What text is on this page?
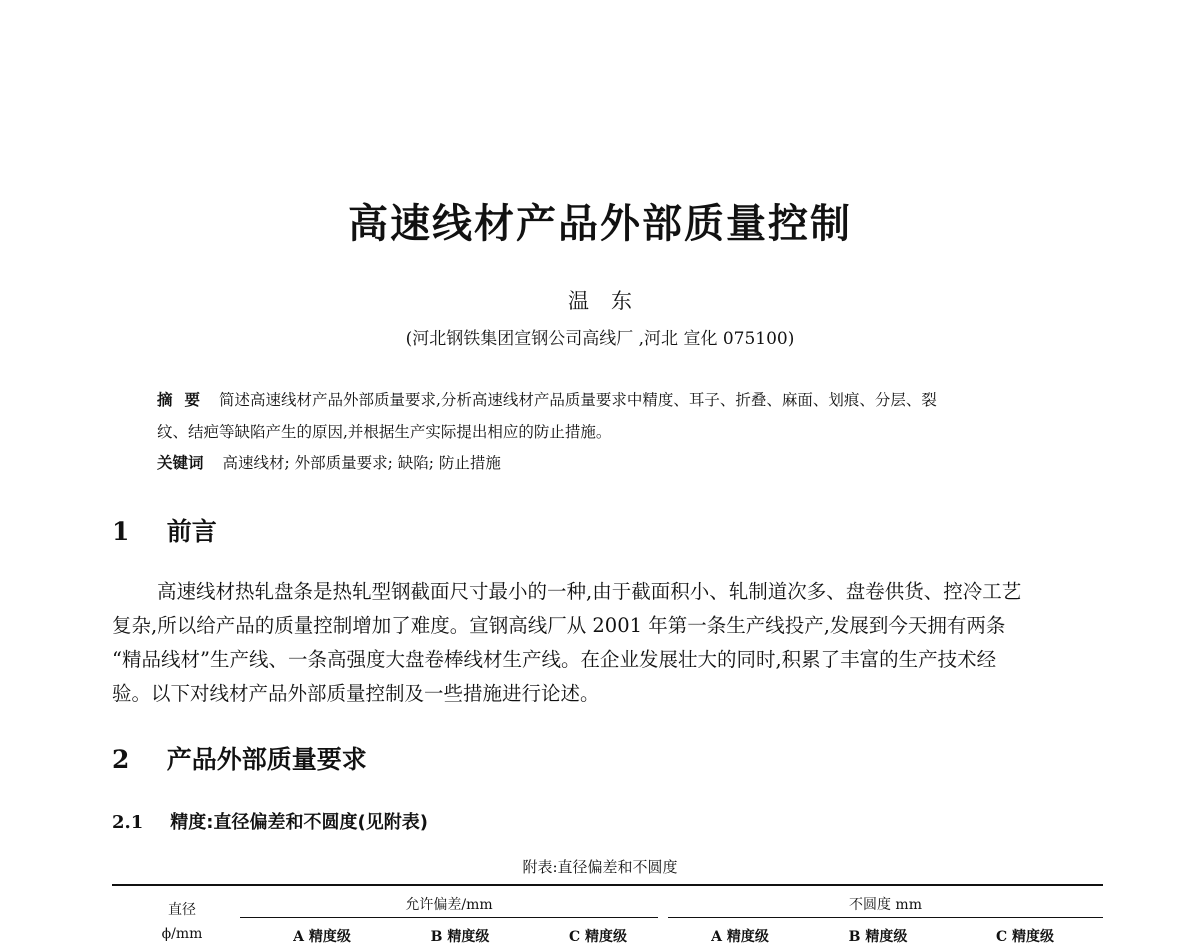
高速线材产品外部质量控制
温东
(河北钢铁集团宣钢公司高线厂 ,河北 宣化 075100)
摘要 简述高速线材产品外部质量要求,分析高速线材产品质量要求中精度、耳子、折叠、麻面、划痕、分层、裂
纹、结疤等缺陷产生的原因,并根据生产实际提出相应的防止措施。
关键词 高速线材; 外部质量要求; 缺陷; 防止措施
1 前言
高速线材热轧盘条是热轧型钢截面尺寸最小的一种,由于截面积小、轧制道次多、盘卷供货、控冷工艺
复杂,所以给产品的质量控制增加了难度。宣钢高线厂从 2001 年第一条生产线投产,发展到今天拥有两条
“精品线材”生产线、一条高强度大盘卷棒线材生产线。在企业发展壮大的同时,积累了丰富的生产技术经
验。以下对线材产品外部质量控制及一些措施进行论述。
2 产品外部质量要求
2.1 精度:直径偏差和不圆度(见附表)
附表:直径偏差和不圆度
直径
ϕ/mm
允许偏差/mm	不圆度 mm
A 精度级	B 精度级	C 精度级	A 精度级	B 精度级	C 精度级
